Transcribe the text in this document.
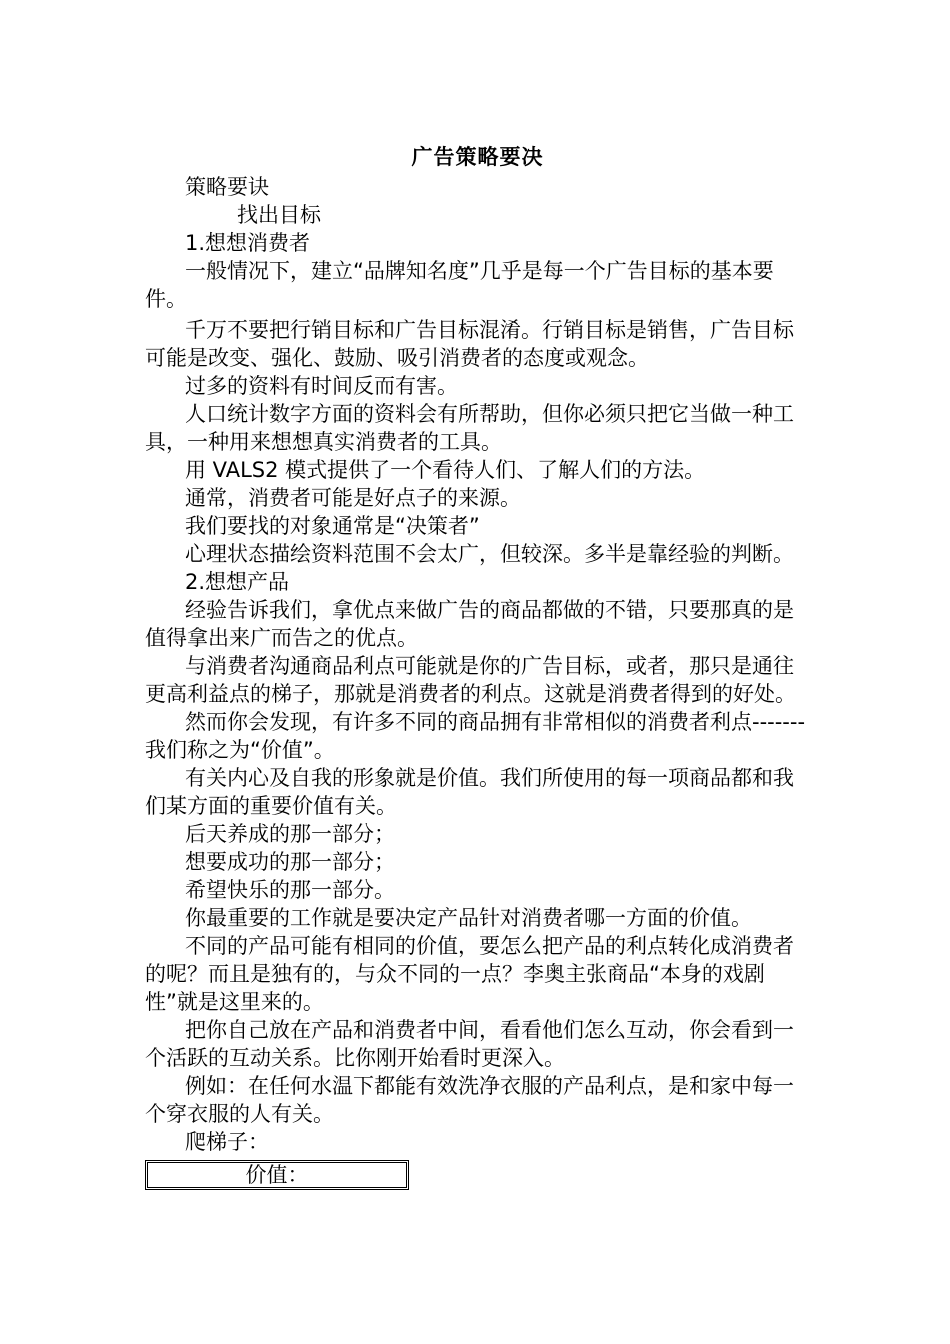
广告策略要决

策略要诀

找出目标

1.想想消费者

一般情况下，建立“品牌知名度”几乎是每一个广告目标的基本要件。

千万不要把行销目标和广告目标混淆。行销目标是销售，广告目标可能是改变、强化、鼓励、吸引消费者的态度或观念。

过多的资料有时间反而有害。

人口统计数字方面的资料会有所帮助，但你必须只把它当做一种工具，一种用来想想真实消费者的工具。

用 VALS2 模式提供了一个看待人们、了解人们的方法。

通常，消费者可能是好点子的来源。

我们要找的对象通常是“决策者”

心理状态描绘资料范围不会太广，但较深。多半是靠经验的判断。

2.想想产品

经验告诉我们，拿优点来做广告的商品都做的不错，只要那真的是值得拿出来广而告之的优点。

与消费者沟通商品利点可能就是你的广告目标，或者，那只是通往更高利益点的梯子，那就是消费者的利点。这就是消费者得到的好处。

然而你会发现，有许多不同的商品拥有非常相似的消费者利点-------我们称之为“价值”。

有关内心及自我的形象就是价值。我们所使用的每一项商品都和我们某方面的重要价值有关。

后天养成的那一部分；

想要成功的那一部分；

希望快乐的那一部分。

你最重要的工作就是要决定产品针对消费者哪一方面的价值。

不同的产品可能有相同的价值，要怎么把产品的利点转化成消费者的呢？而且是独有的，与众不同的一点？李奥主张商品“本身的戏剧性”就是这里来的。

把你自己放在产品和消费者中间，看看他们怎么互动，你会看到一个活跃的互动关系。比你刚开始看时更深入。

例如：在任何水温下都能有效洗净衣服的产品利点，是和家中每一个穿衣服的人有关。

爬梯子：

价值：
